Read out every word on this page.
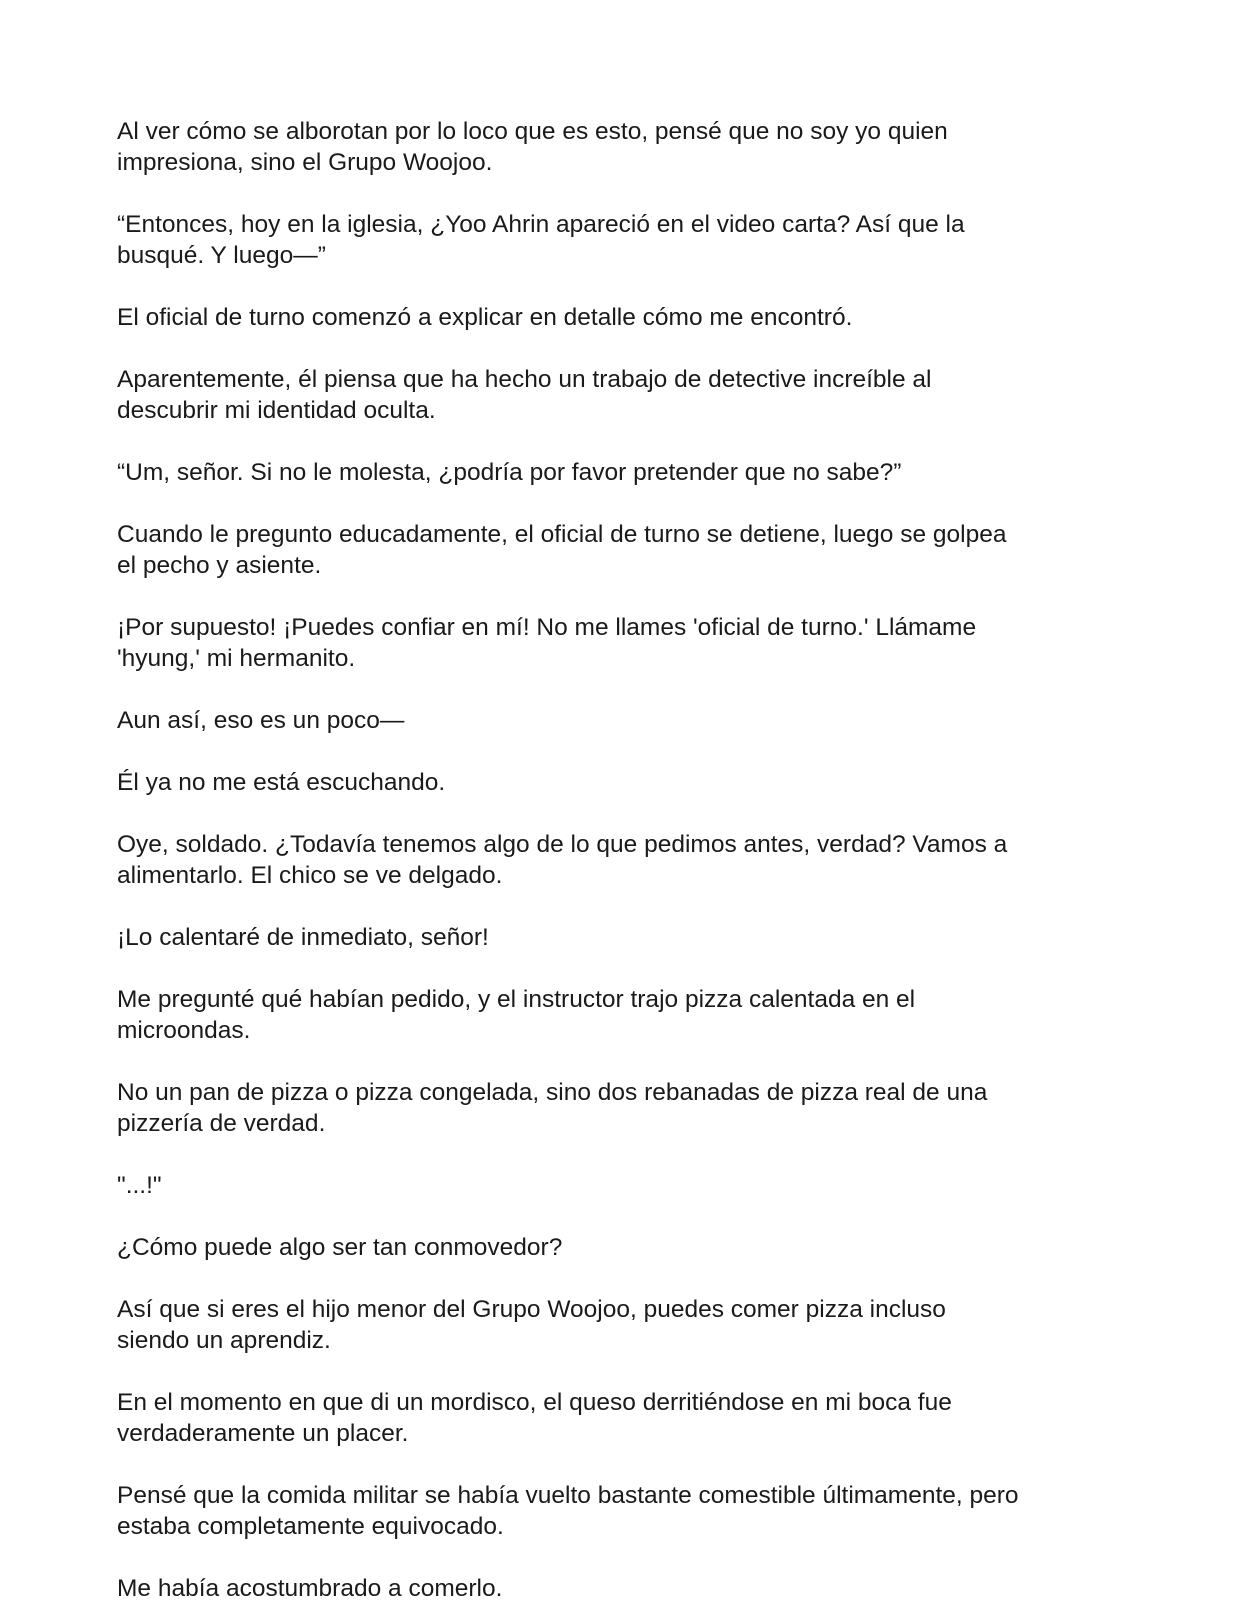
Al ver cómo se alborotan por lo loco que es esto, pensé que no soy yo quien
impresiona, sino el Grupo Woojoo.

“Entonces, hoy en la iglesia, ¿Yoo Ahrin apareció en el video carta? Así que la
busqué. Y luego—”

El oficial de turno comenzó a explicar en detalle cómo me encontró.

Aparentemente, él piensa que ha hecho un trabajo de detective increíble al
descubrir mi identidad oculta.

“Um, señor. Si no le molesta, ¿podría por favor pretender que no sabe?”

Cuando le pregunto educadamente, el oficial de turno se detiene, luego se golpea
el pecho y asiente.

¡Por supuesto! ¡Puedes confiar en mí! No me llames 'oficial de turno.' Llámame
'hyung,' mi hermanito.

Aun así, eso es un poco—

Él ya no me está escuchando.

Oye, soldado. ¿Todavía tenemos algo de lo que pedimos antes, verdad? Vamos a
alimentarlo. El chico se ve delgado.

¡Lo calentaré de inmediato, señor!

Me pregunté qué habían pedido, y el instructor trajo pizza calentada en el
microondas.

No un pan de pizza o pizza congelada, sino dos rebanadas de pizza real de una
pizzería de verdad.

"...!"

¿Cómo puede algo ser tan conmovedor?

Así que si eres el hijo menor del Grupo Woojoo, puedes comer pizza incluso
siendo un aprendiz.

En el momento en que di un mordisco, el queso derritiéndose en mi boca fue
verdaderamente un placer.

Pensé que la comida militar se había vuelto bastante comestible últimamente, pero
estaba completamente equivocado.

Me había acostumbrado a comerlo.
